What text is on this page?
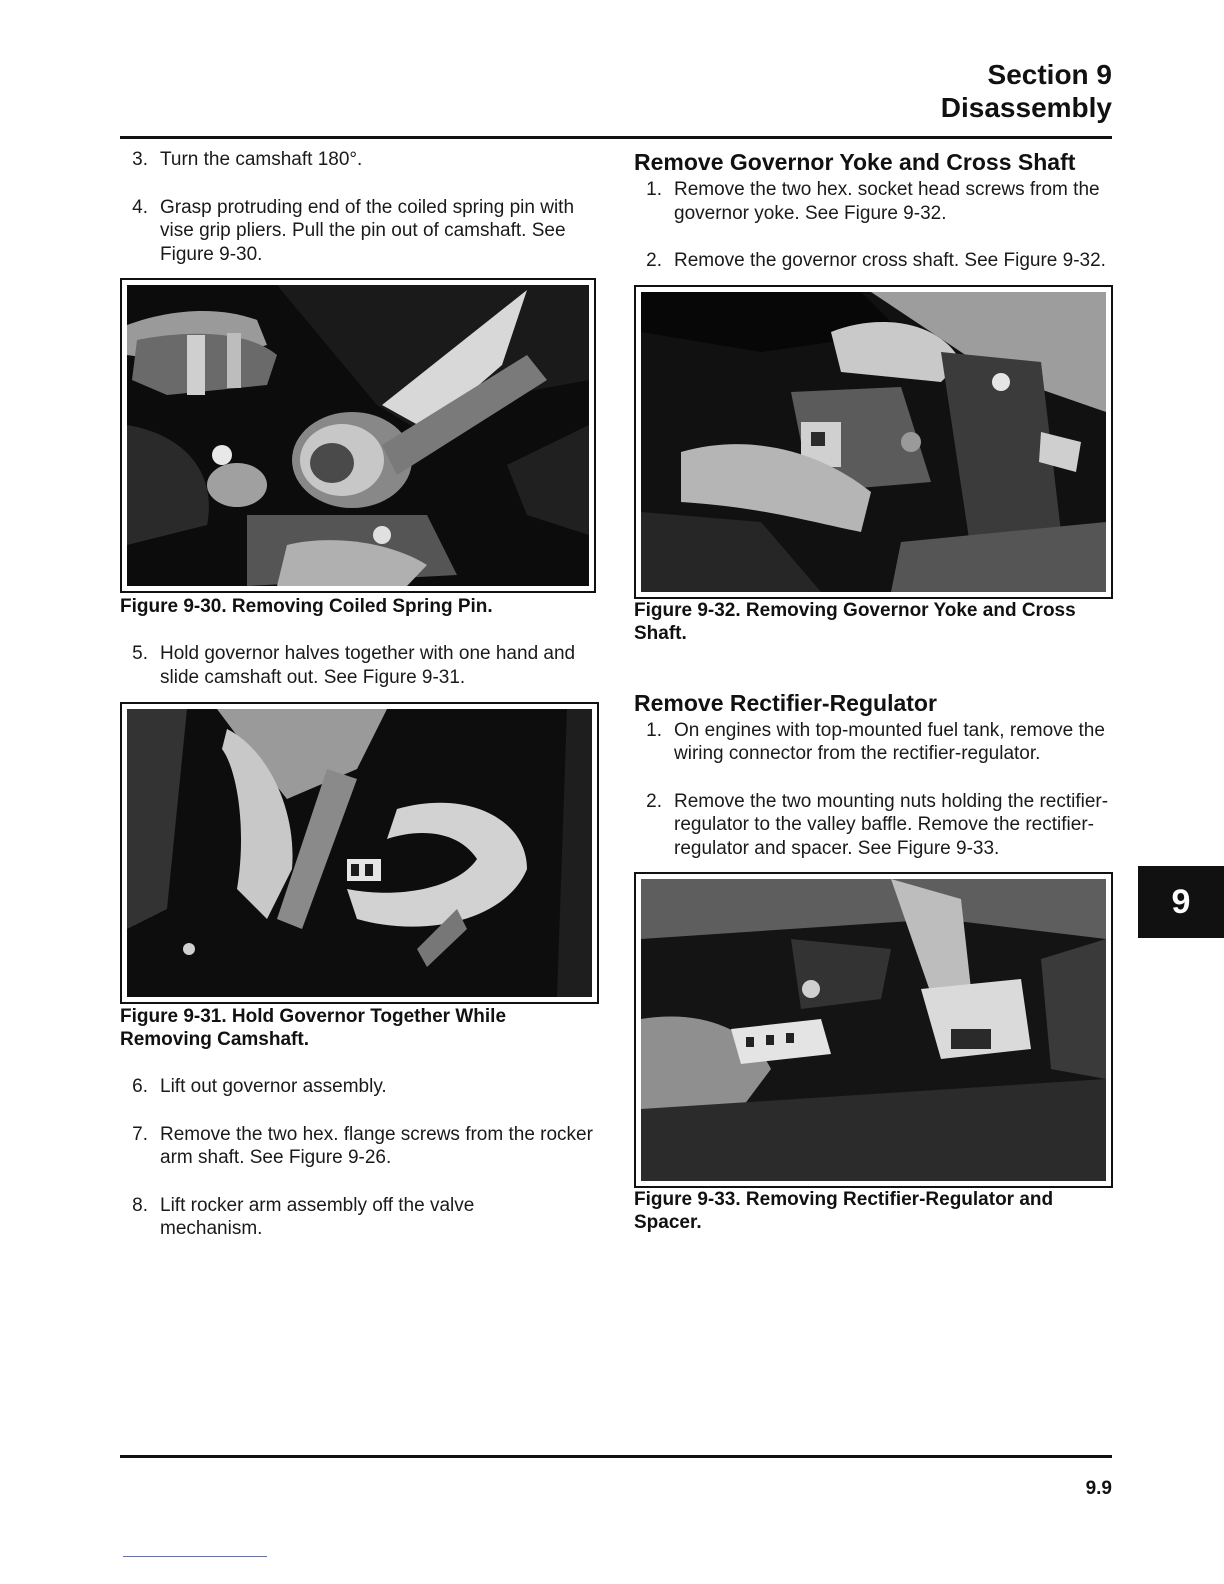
Section 9
Disassembly
3. Turn the camshaft 180°.
4. Grasp protruding end of the coiled spring pin with vise grip pliers. Pull the pin out of camshaft. See Figure 9-30.
Figure 9-30. Removing Coiled Spring Pin.
5. Hold governor halves together with one hand and slide camshaft out. See Figure 9-31.
Figure 9-31. Hold Governor Together While Removing Camshaft.
6. Lift out governor assembly.
7. Remove the two hex. flange screws from the rocker arm shaft. See Figure 9-26.
8. Lift rocker arm assembly off the valve mechanism.
Remove Governor Yoke and Cross Shaft
1. Remove the two hex. socket head screws from the governor yoke. See Figure 9-32.
2. Remove the governor cross shaft. See Figure 9-32.
Figure 9-32. Removing Governor Yoke and Cross Shaft.
Remove Rectifier-Regulator
1. On engines with top-mounted fuel tank, remove the wiring connector from the rectifier-regulator.
2. Remove the two mounting nuts holding the rectifier-regulator to the valley baffle. Remove the rectifier-regulator and spacer. See Figure 9-33.
Figure 9-33. Removing Rectifier-Regulator and Spacer.
9
9.9
